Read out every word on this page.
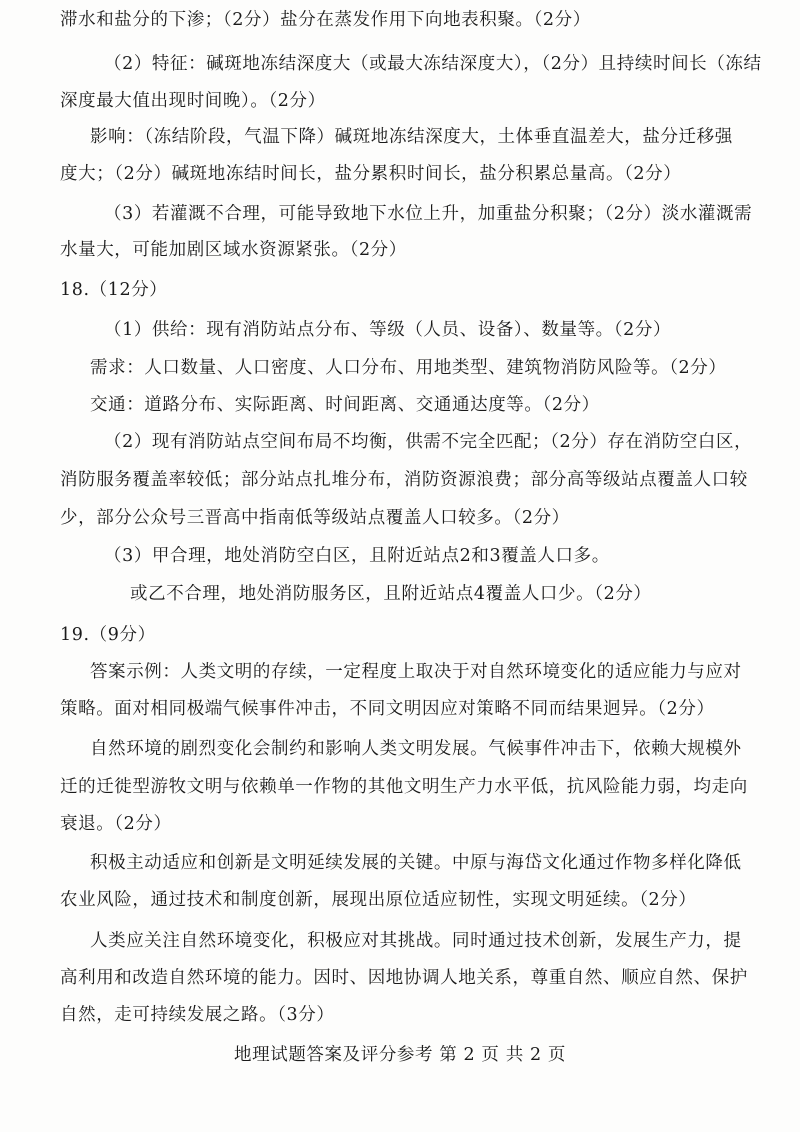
滞水和盐分的下渗；（2分）盐分在蒸发作用下向地表积聚。（2分）
（2）特征：碱斑地冻结深度大（或最大冻结深度大），（2分）且持续时间长（冻结
深度最大值出现时间晚）。（2分）
影响：（冻结阶段，气温下降）碱斑地冻结深度大，土体垂直温差大，盐分迁移强
度大；（2分）碱斑地冻结时间长，盐分累积时间长，盐分积累总量高。（2分）
（3）若灌溉不合理，可能导致地下水位上升，加重盐分积聚；（2分）淡水灌溉需
水量大，可能加剧区域水资源紧张。（2分）
18.（12分）
（1）供给：现有消防站点分布、等级（人员、设备）、数量等。（2分）
需求：人口数量、人口密度、人口分布、用地类型、建筑物消防风险等。（2分）
交通：道路分布、实际距离、时间距离、交通通达度等。（2分）
（2）现有消防站点空间布局不均衡，供需不完全匹配；（2分）存在消防空白区，
消防服务覆盖率较低；部分站点扎堆分布，消防资源浪费；部分高等级站点覆盖人口较
少，部分公众号三晋高中指南低等级站点覆盖人口较多。（2分）
（3）甲合理，地处消防空白区，且附近站点2和3覆盖人口多。
或乙不合理，地处消防服务区，且附近站点4覆盖人口少。（2分）
19.（9分）
答案示例：人类文明的存续，一定程度上取决于对自然环境变化的适应能力与应对
策略。面对相同极端气候事件冲击，不同文明因应对策略不同而结果迥异。（2分）
自然环境的剧烈变化会制约和影响人类文明发展。气候事件冲击下，依赖大规模外
迁的迁徙型游牧文明与依赖单一作物的其他文明生产力水平低，抗风险能力弱，均走向
衰退。（2分）
积极主动适应和创新是文明延续发展的关键。中原与海岱文化通过作物多样化降低
农业风险，通过技术和制度创新，展现出原位适应韧性，实现文明延续。（2分）
人类应关注自然环境变化，积极应对其挑战。同时通过技术创新，发展生产力，提
高利用和改造自然环境的能力。因时、因地协调人地关系，尊重自然、顺应自然、保护
自然，走可持续发展之路。（3分）
地理试题答案及评分参考 第 2 页 共 2 页
